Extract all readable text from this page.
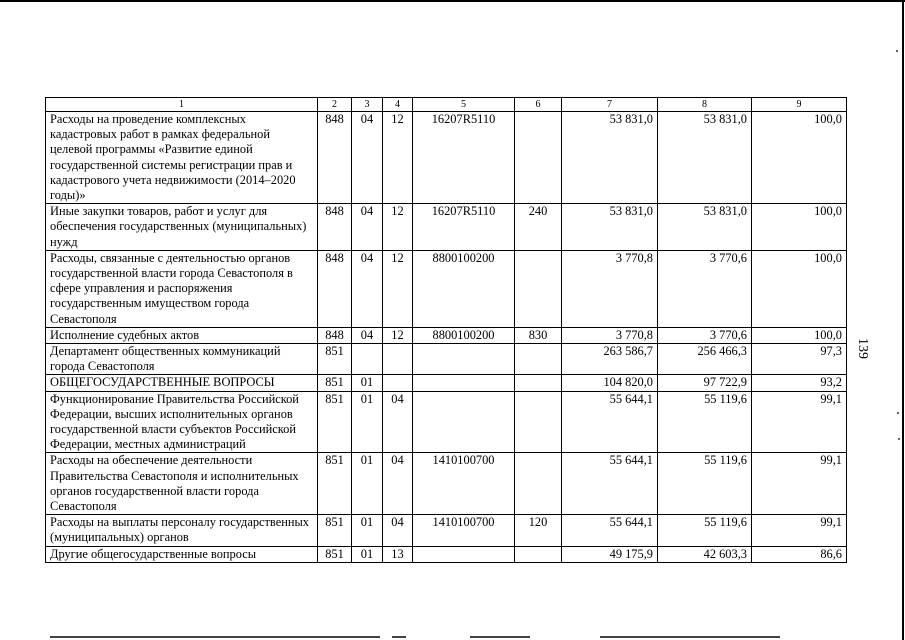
1	2	3	4	5	6	7	8	9
Расходы на проведение комплексных кадастровых работ в рамках федеральной целевой программы «Развитие единой государственной системы регистрации прав и кадастрового учета недвижимости (2014–2020 годы)»	848	04	12	16207R5110		53 831,0	53 831,0	100,0
Иные закупки товаров, работ и услуг для обеспечения государственных (муниципальных) нужд	848	04	12	16207R5110	240	53 831,0	53 831,0	100,0
Расходы, связанные с деятельностью органов государственной власти города Севастополя в сфере управления и распоряжения государственным имуществом города Севастополя	848	04	12	8800100200		3 770,8	3 770,6	100,0
Исполнение судебных актов	848	04	12	8800100200	830	3 770,8	3 770,6	100,0
Департамент общественных коммуникаций города Севастополя	851					263 586,7	256 466,3	97,3
ОБЩЕГОСУДАРСТВЕННЫЕ ВОПРОСЫ	851	01				104 820,0	97 722,9	93,2
Функционирование Правительства Российской Федерации, высших исполнительных органов государственной власти субъектов Российской Федерации, местных администраций	851	01	04			55 644,1	55 119,6	99,1
Расходы на обеспечение деятельности Правительства Севастополя и исполнительных органов государственной власти города Севастополя	851	01	04	1410100700		55 644,1	55 119,6	99,1
Расходы на выплаты персоналу государственных (муниципальных) органов	851	01	04	1410100700	120	55 644,1	55 119,6	99,1
Другие общегосударственные вопросы	851	01	13			49 175,9	42 603,3	86,6
139
